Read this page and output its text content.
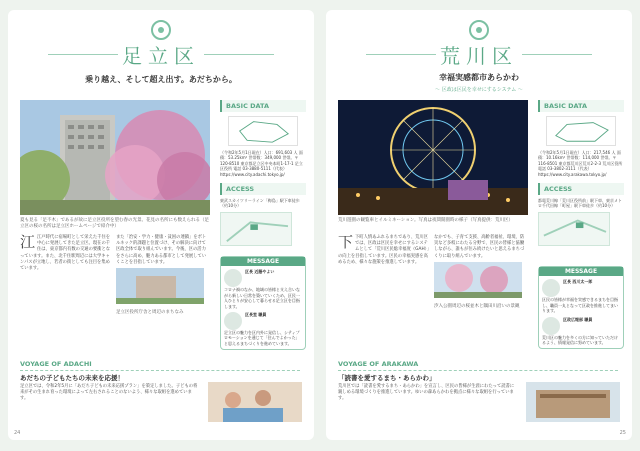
足立区
乗り越え、そして超え出す。あだちから。
夏も見る「足不木」であるが故に足立区役所を望む春の光景。花見の名所にも数えられる（足立区の桜の名所は足立区ホームページで紹介中）
BASIC DATA
（令和2年5月1日現在）人口：691,603 人 面積：53.25km² 世帯数：349,000 世帯。〒120-8510 東京都足立区中央本町1-17-1 足立区役所 電話 03-3880-5111（代表）https://www.city.adachi.tokyo.jp/
ACCESS
東武スカイツリーライン「梅島」駅下車徒歩（約10分）
江江戸時代に宿場町として栄えた千住を中心に発展してきた足立区。現在の千住は、東京都内有数の交通の要衝となっています。また、北千住駅周辺には大学キャンパスが立地し、若者の街としても注目を集めています。
また「治安・学力・健康・貧困の連鎖」をボトルネック的課題と位置づけ、その解決に向けて区政全体で取り組んでいます。今後、区の活力をさらに高め、魅力ある都市として発展していくことを目指しています。
足立区役所庁舎と周辺のまちなみ
MESSAGE
区長 近藤やよい
コロナ禍のなか、地域の皆様と支え合いながら新しい日常を築いていくため、区民一人ひとりが安心して暮らせる足立区を目指します。
区長室 職員
足立区の魅力を区内外に発信し、シティプロモーションを通じて「住んでよかった」と思えるまちづくりを進めています。
VOYAGE OF ADACHI
あだちの子どもたちの未来を応援！
足立区では、令和2年5月に「あだち子どもの未来応援プラン」を策定しました。子どもの将来がその生まれ育った環境によって左右されることのないよう、様々な取組を進めています。
24
荒川区
幸福実感都市あらかわ
～ 区政は区民を幸せにするシステム ～
荒川遊園の観覧車とイルミネーション。写真は夜間開園時の様子（写真提供：荒川区）
BASIC DATA
（令和2年5月1日現在）人口：217,546 人 面積：10.16km² 世帯数：114,000 世帯。〒116-8501 東京都荒川区荒川2-2-3 荒川区役所 電話 03-3802-3111（代表）https://www.city.arakawa.tokyo.jp/
ACCESS
都電荒川線「荒川区役所前」駅下車、東京メトロ千代田線「町屋」駅下車徒歩（約10分）
下下町人情あふれるまちであり、荒川区では、区政は区民を幸せにするシステムとして「荒川区民総幸福度（GAH）」の向上を目指しています。区民の幸福実感を高めるため、様々な施策を推進しています。
なかでも、子育て支援、高齢者福祉、環境、防災など多岐にわたる分野で、区民の皆様と協働しながら、誰もが住み続けたいと思えるまちづくりに取り組んでいます。
汐入公園周辺の桜並木と隅田川沿いの景観
MESSAGE
区長 西川太一郎
区民の皆様が幸福を実感できるまちを目指し、職員一丸となって区政を推進してまいります。
区政広報部 職員
荒川区の魅力を多くの方に知っていただけるよう、情報発信に努めています。
VOYAGE OF ARAKAWA
「読書を愛するまち・あらかわ」
荒川区では「読書を愛するまち・あらかわ」を宣言し、区民の皆様が生涯にわたって読書に親しめる環境づくりを推進しています。ゆいの森あらかわを拠点に様々な取組を行っています。
25
